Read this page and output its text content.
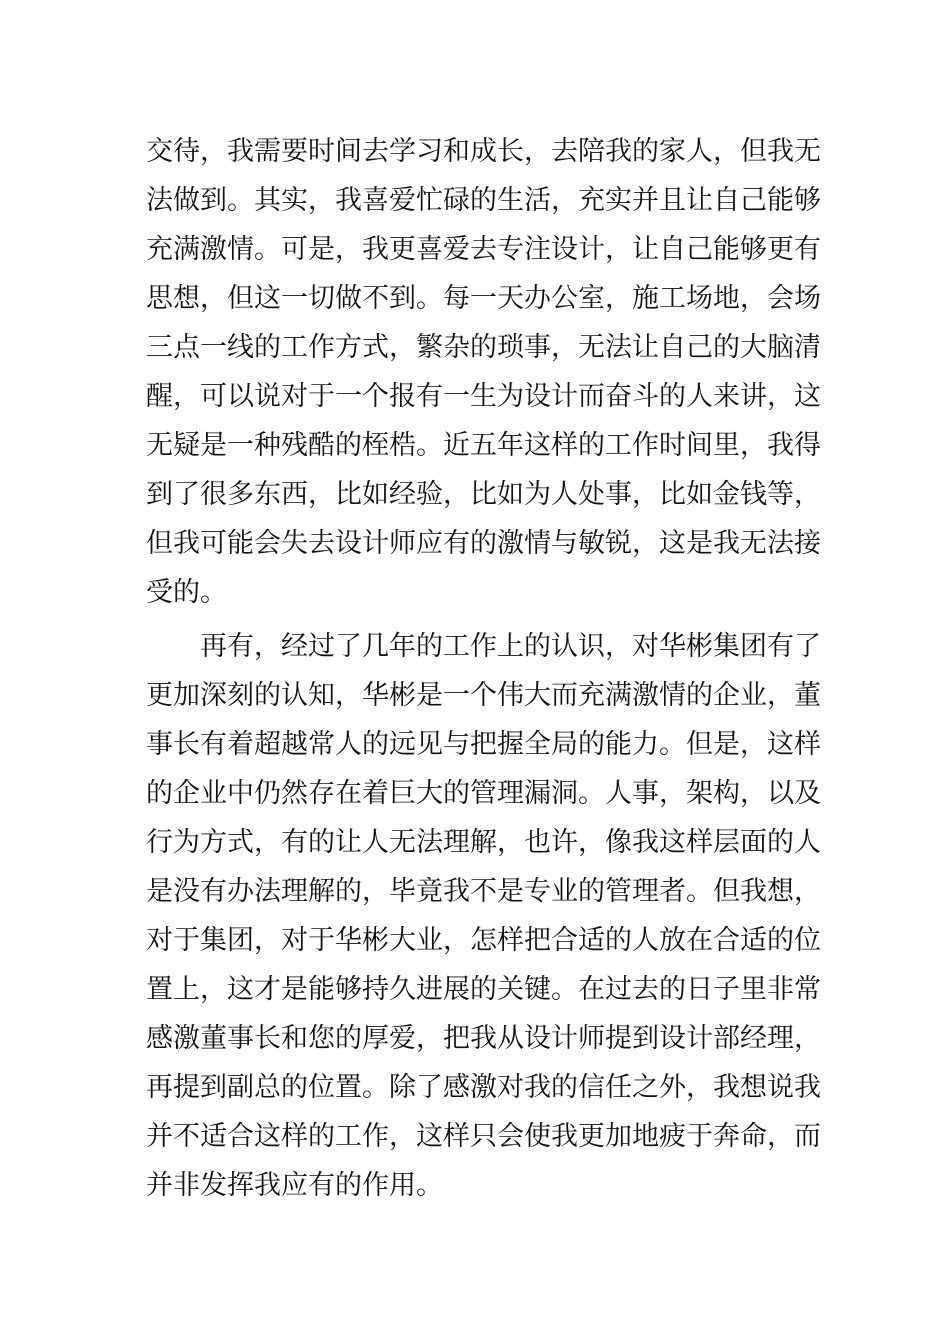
交待，我需要时间去学习和成长，去陪我的家人，但我无
法做到。其实，我喜爱忙碌的生活，充实并且让自己能够
充满激情。可是，我更喜爱去专注设计，让自己能够更有
思想，但这一切做不到。每一天办公室，施工场地，会场
三点一线的工作方式，繁杂的琐事，无法让自己的大脑清
醒，可以说对于一个报有一生为设计而奋斗的人来讲，这
无疑是一种残酷的桎梏。近五年这样的工作时间里，我得
到了很多东西，比如经验，比如为人处事，比如金钱等，
但我可能会失去设计师应有的激情与敏锐，这是我无法接
受的。
再有，经过了几年的工作上的认识，对华彬集团有了
更加深刻的认知，华彬是一个伟大而充满激情的企业，董
事长有着超越常人的远见与把握全局的能力。但是，这样
的企业中仍然存在着巨大的管理漏洞。人事，架构，以及
行为方式，有的让人无法理解，也许，像我这样层面的人
是没有办法理解的，毕竟我不是专业的管理者。但我想，
对于集团，对于华彬大业，怎样把合适的人放在合适的位
置上，这才是能够持久进展的关键。在过去的日子里非常
感激董事长和您的厚爱，把我从设计师提到设计部经理，
再提到副总的位置。除了感激对我的信任之外，我想说我
并不适合这样的工作，这样只会使我更加地疲于奔命，而
并非发挥我应有的作用。
